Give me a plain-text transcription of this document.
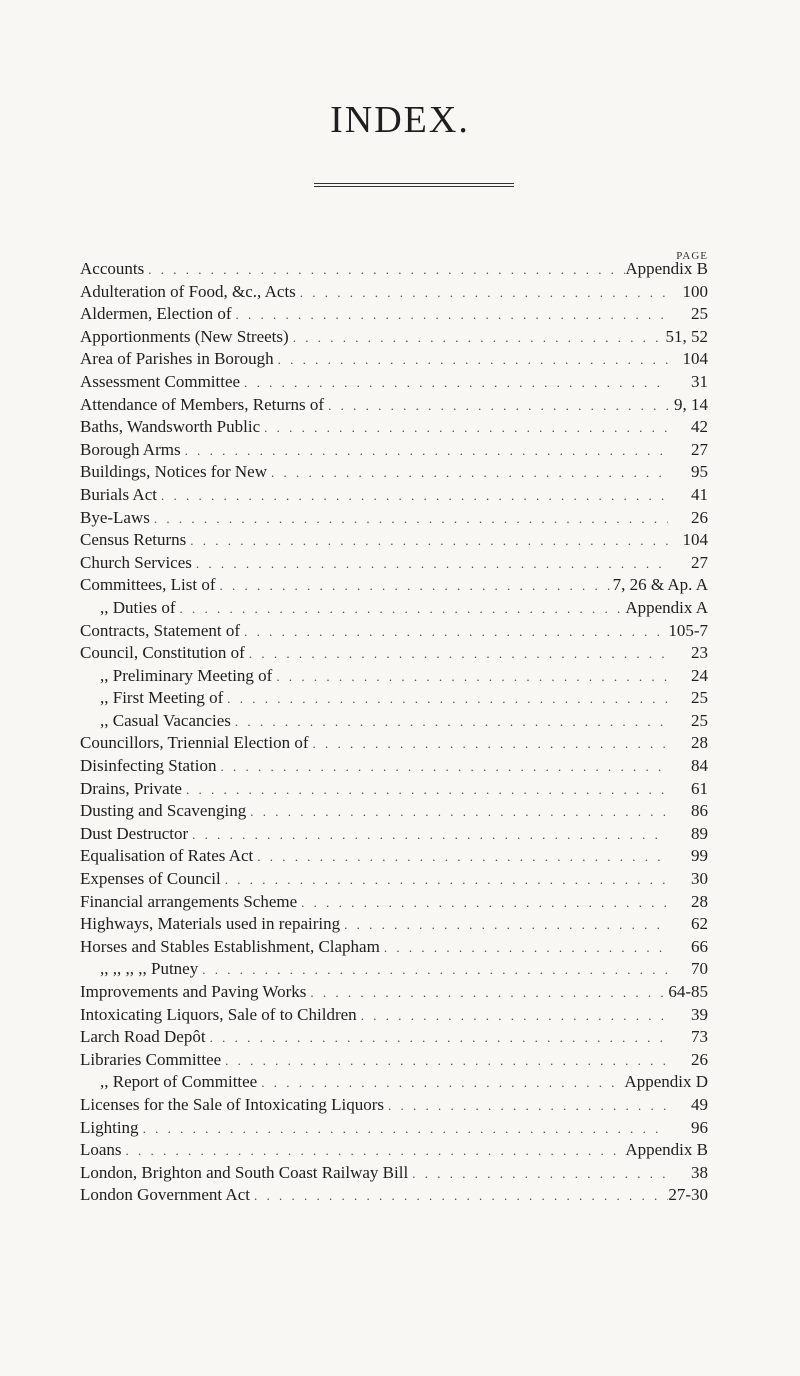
INDEX.
PAGE
Accounts . . .	Appendix B
Adulteration of Food, &c., Acts . . .	100
Aldermen, Election of . . .	25
Apportionments (New Streets) . . .	51, 52
Area of Parishes in Borough . . .	104
Assessment Committee . . .	31
Attendance of Members, Returns of . . .	9, 14
Baths, Wandsworth Public . . .	42
Borough Arms . . .	27
Buildings, Notices for New . . .	95
Burials Act . . .	41
Bye-Laws . . .	26
Census Returns . . .	104
Church Services . . .	27
Committees, List of . . .	7, 26 & Ap. A
,, Duties of . . .	Appendix A
Contracts, Statement of . . .	105-7
Council, Constitution of . . .	23
,, Preliminary Meeting of . . .	24
,, First Meeting of . . .	25
,, Casual Vacancies . . .	25
Councillors, Triennial Election of . . .	28
Disinfecting Station . . .	84
Drains, Private . . .	61
Dusting and Scavenging . . .	86
Dust Destructor . . .	89
Equalisation of Rates Act . . .	99
Expenses of Council . . .	30
Financial arrangements Scheme . . .	28
Highways, Materials used in repairing . . .	62
Horses and Stables Establishment, Clapham . . .	66
,, ,, ,, ,, Putney . . .	70
Improvements and Paving Works . . .	64-85
Intoxicating Liquors, Sale of to Children . . .	39
Larch Road Depôt . . .	73
Libraries Committee . . .	26
,, Report of Committee . . .	Appendix D
Licenses for the Sale of Intoxicating Liquors . . .	49
Lighting . . .	96
Loans . . .	Appendix B
London, Brighton and South Coast Railway Bill . . .	38
London Government Act . . .	27-30
